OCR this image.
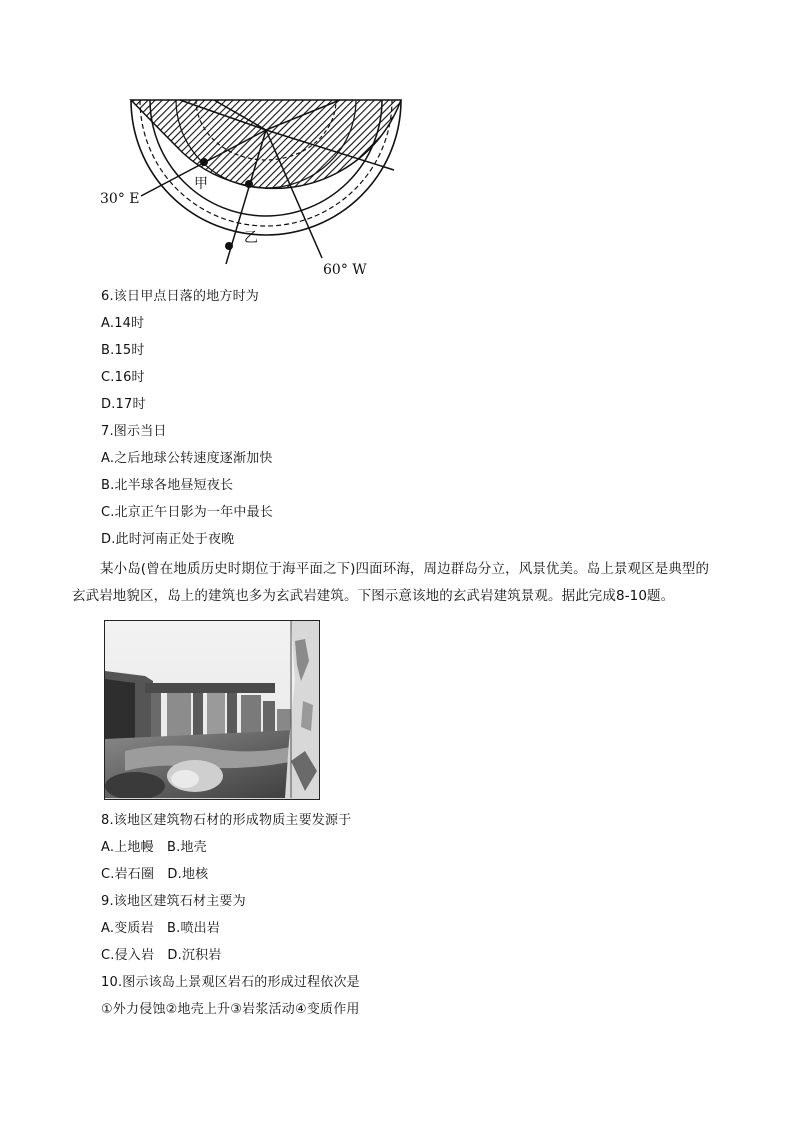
甲
乙
30° E
60° W
6.该日甲点日落的地方时为
A.14时
B.15时
C.16时
D.17时
7.图示当日
A.之后地球公转速度逐渐加快
B.北半球各地昼短夜长
C.北京正午日影为一年中最长
D.此时河南正处于夜晚
某小岛(曾在地质历史时期位于海平面之下)四面环海，周边群岛分立，风景优美。岛上景观区是典型的玄武岩地貌区，岛上的建筑也多为玄武岩建筑。下图示意该地的玄武岩建筑景观。据此完成8-10题。
8.该地区建筑物石材的形成物质主要发源于
A.上地幔　B.地壳
C.岩石圈　D.地核
9.该地区建筑石材主要为
A.变质岩　B.喷出岩
C.侵入岩　D.沉积岩
10.图示该岛上景观区岩石的形成过程依次是
①外力侵蚀②地壳上升③岩浆活动④变质作用
